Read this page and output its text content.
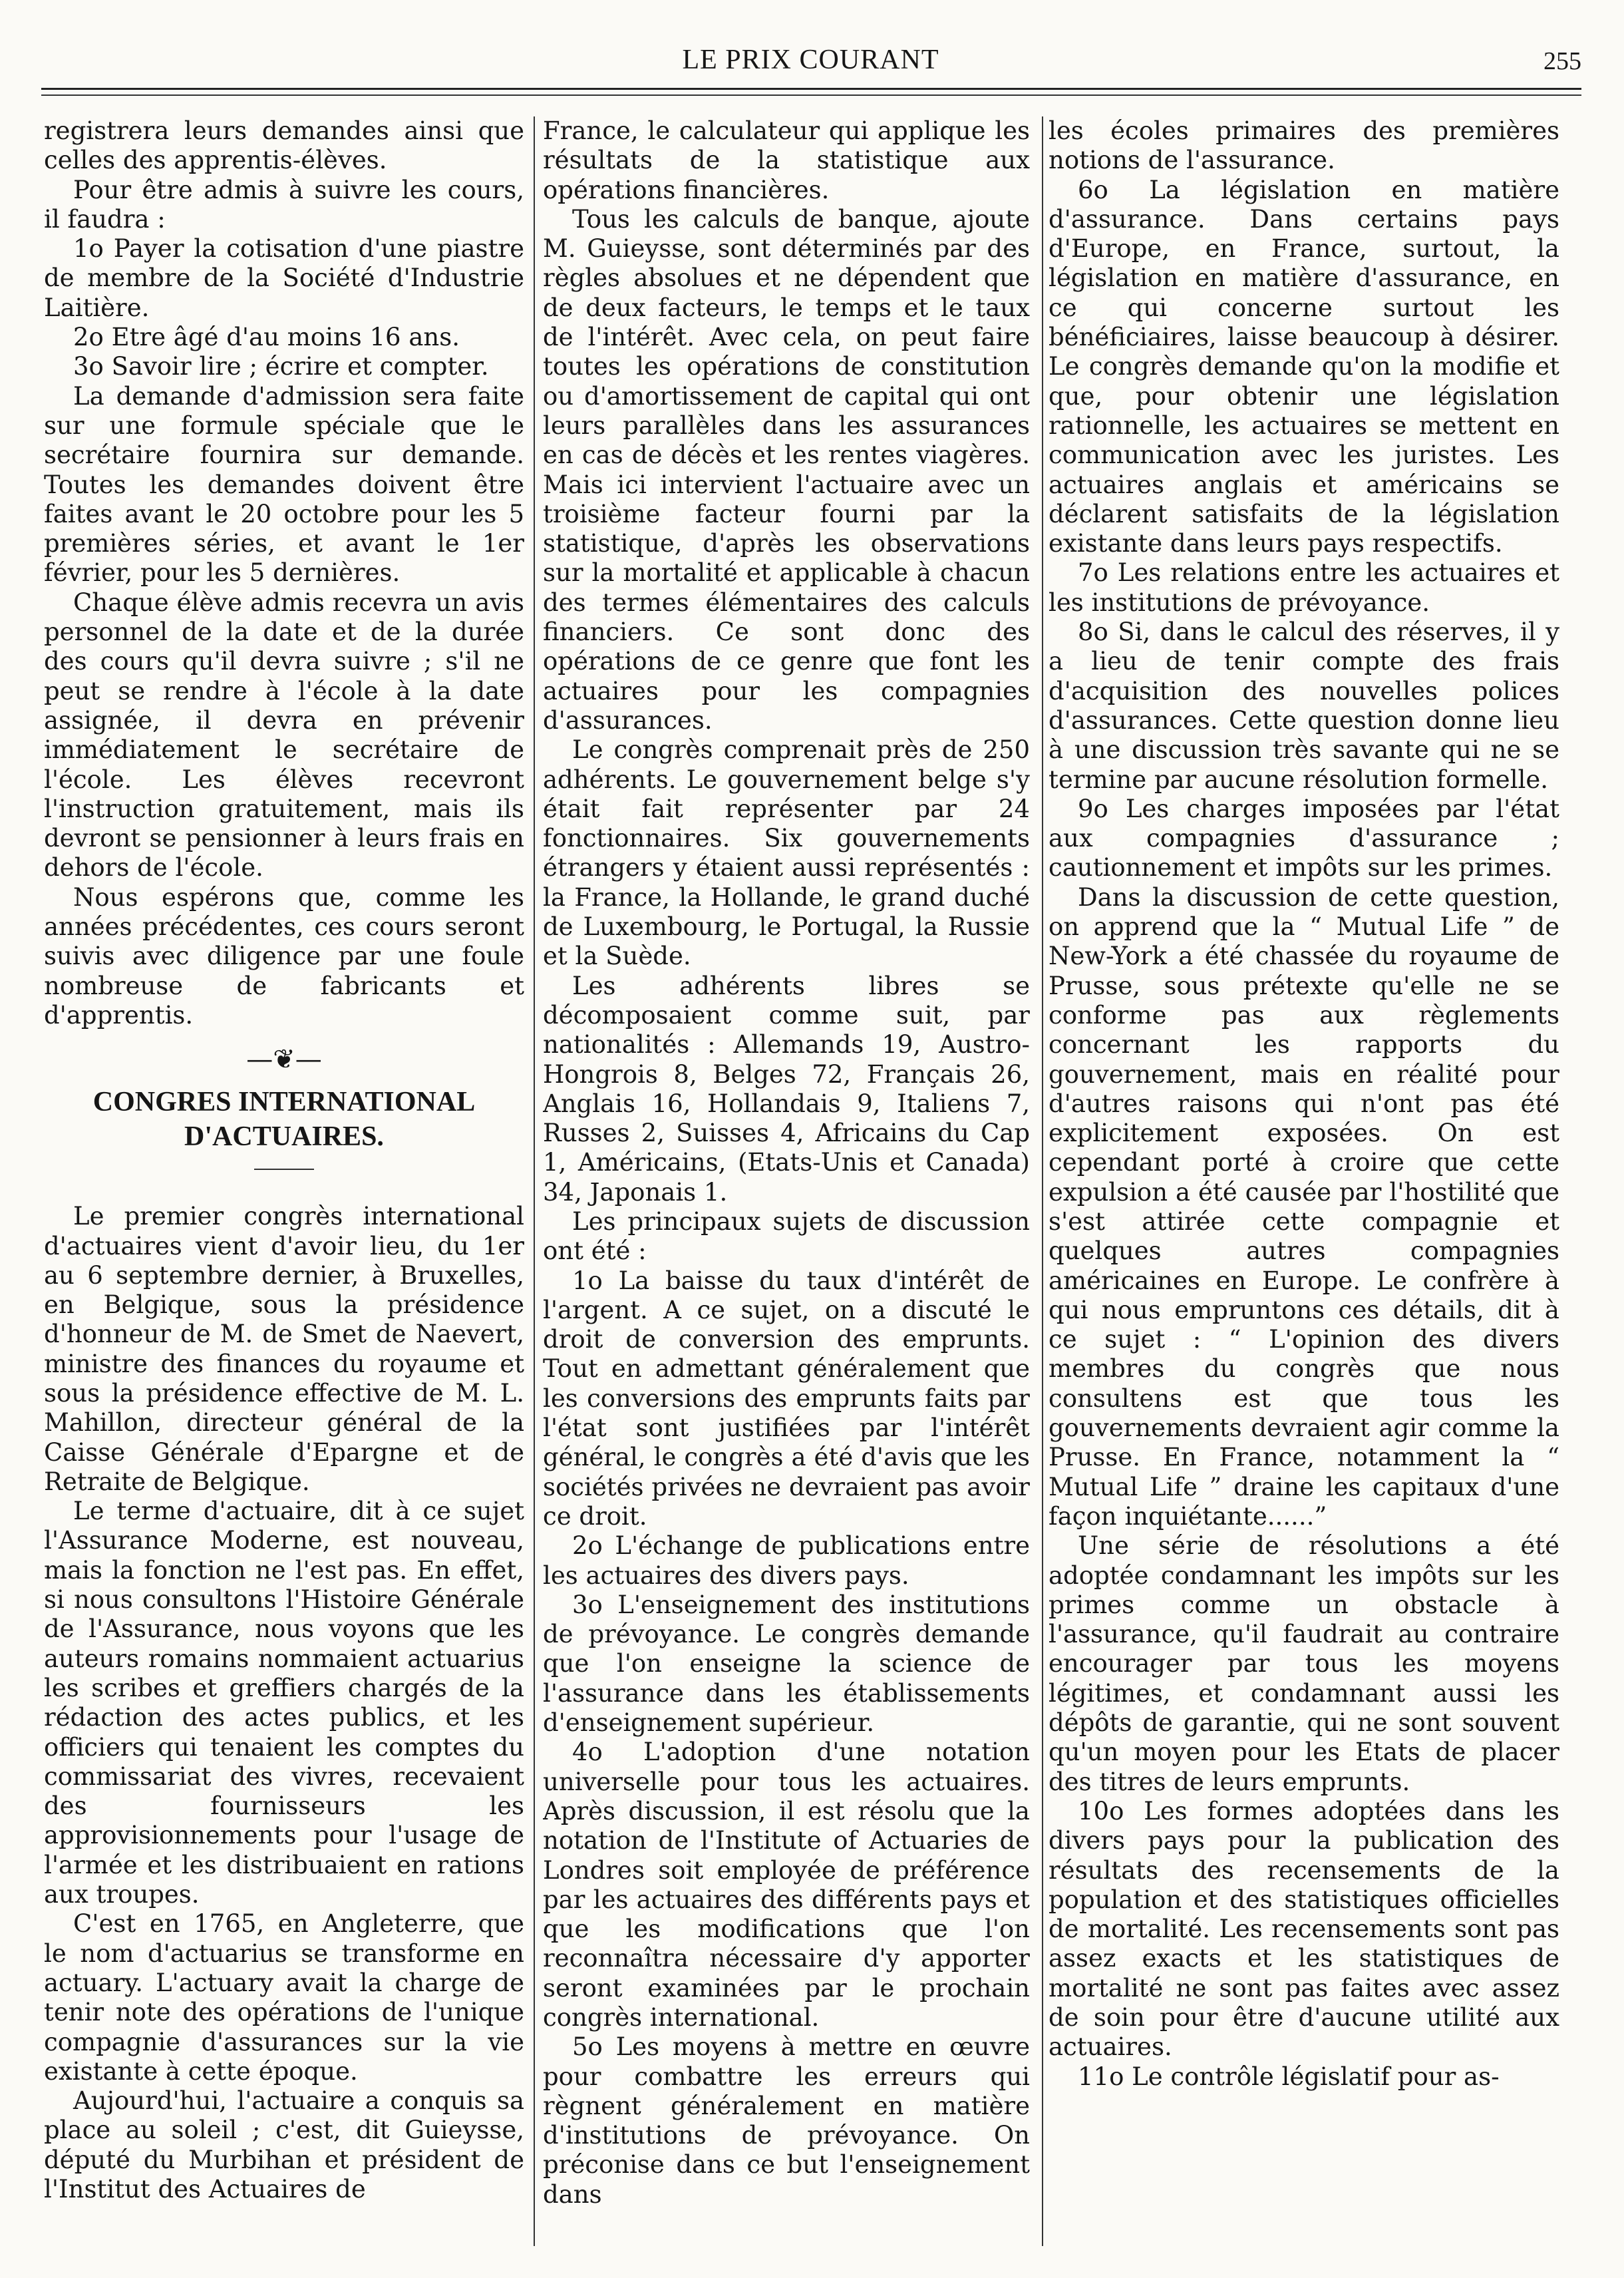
LE PRIX COURANT	255

registrera leurs demandes ainsi que celles des apprentis-élèves.

Pour être admis à suivre les cours, il faudra :

1o Payer la cotisation d'une piastre de membre de la Société d'Industrie Laitière.

2o Etre âgé d'au moins 16 ans.

3o Savoir lire ; écrire et compter.

La demande d'admission sera faite sur une formule spéciale que le secrétaire fournira sur demande. Toutes les demandes doivent être faites avant le 20 octobre pour les 5 premières séries, et avant le 1er février, pour les 5 dernières.

Chaque élève admis recevra un avis personnel de la date et de la durée des cours qu'il devra suivre ; s'il ne peut se rendre à l'école à la date assignée, il devra en prévenir immédiatement le secrétaire de l'école. Les élèves recevront l'instruction gratuitement, mais ils devront se pensionner à leurs frais en dehors de l'école.

Nous espérons que, comme les années précédentes, ces cours seront suivis avec diligence par une foule nombreuse de fabricants et d'apprentis.

—❦—
CONGRES INTERNATIONAL
D'ACTUAIRES.

Le premier congrès international d'actuaires vient d'avoir lieu, du 1er au 6 septembre dernier, à Bruxelles, en Belgique, sous la présidence d'honneur de M. de Smet de Naevert, ministre des finances du royaume et sous la présidence effective de M. L. Mahillon, directeur général de la Caisse Générale d'Epargne et de Retraite de Belgique.

Le terme d'actuaire, dit à ce sujet l'Assurance Moderne, est nouveau, mais la fonction ne l'est pas. En effet, si nous consultons l'Histoire Générale de l'Assurance, nous voyons que les auteurs romains nommaient actuarius les scribes et greffiers chargés de la rédaction des actes publics, et les officiers qui tenaient les comptes du commissariat des vivres, recevaient des fournisseurs les approvisionnements pour l'usage de l'armée et les distribuaient en rations aux troupes.

C'est en 1765, en Angleterre, que le nom d'actuarius se transforme en actuary. L'actuary avait la charge de tenir note des opérations de l'unique compagnie d'assurances sur la vie existante à cette époque.

Aujourd'hui, l'actuaire a conquis sa place au soleil ; c'est, dit Guieysse, député du Murbihan et président de l'Institut des Actuaires de

France, le calculateur qui applique les résultats de la statistique aux opérations financières.

Tous les calculs de banque, ajoute M. Guieysse, sont déterminés par des règles absolues et ne dépendent que de deux facteurs, le temps et le taux de l'intérêt. Avec cela, on peut faire toutes les opérations de constitution ou d'amortissement de capital qui ont leurs parallèles dans les assurances en cas de décès et les rentes viagères. Mais ici intervient l'actuaire avec un troisième facteur fourni par la statistique, d'après les observations sur la mortalité et applicable à chacun des termes élémentaires des calculs financiers. Ce sont donc des opérations de ce genre que font les actuaires pour les compagnies d'assurances.

Le congrès comprenait près de 250 adhérents. Le gouvernement belge s'y était fait représenter par 24 fonctionnaires. Six gouvernements étrangers y étaient aussi représentés : la France, la Hollande, le grand duché de Luxembourg, le Portugal, la Russie et la Suède.

Les adhérents libres se décomposaient comme suit, par nationalités : Allemands 19, Austro-Hongrois 8, Belges 72, Français 26, Anglais 16, Hollandais 9, Italiens 7, Russes 2, Suisses 4, Africains du Cap 1, Américains, (Etats-Unis et Canada) 34, Japonais 1.

Les principaux sujets de discussion ont été :

1o La baisse du taux d'intérêt de l'argent. A ce sujet, on a discuté le droit de conversion des emprunts. Tout en admettant généralement que les conversions des emprunts faits par l'état sont justifiées par l'intérêt général, le congrès a été d'avis que les sociétés privées ne devraient pas avoir ce droit.

2o L'échange de publications entre les actuaires des divers pays.

3o L'enseignement des institutions de prévoyance. Le congrès demande que l'on enseigne la science de l'assurance dans les établissements d'enseignement supérieur.

4o L'adoption d'une notation universelle pour tous les actuaires. Après discussion, il est résolu que la notation de l'Institute of Actuaries de Londres soit employée de préférence par les actuaires des différents pays et que les modifications que l'on reconnaîtra nécessaire d'y apporter seront examinées par le prochain congrès international.

5o Les moyens à mettre en œuvre pour combattre les erreurs qui règnent généralement en matière d'institutions de prévoyance. On préconise dans ce but l'enseignement dans

les écoles primaires des premières notions de l'assurance.

6o La législation en matière d'assurance. Dans certains pays d'Europe, en France, surtout, la législation en matière d'assurance, en ce qui concerne surtout les bénéficiaires, laisse beaucoup à désirer. Le congrès demande qu'on la modifie et que, pour obtenir une législation rationnelle, les actuaires se mettent en communication avec les juristes. Les actuaires anglais et américains se déclarent satisfaits de la législation existante dans leurs pays respectifs.

7o Les relations entre les actuaires et les institutions de prévoyance.

8o Si, dans le calcul des réserves, il y a lieu de tenir compte des frais d'acquisition des nouvelles polices d'assurances. Cette question donne lieu à une discussion très savante qui ne se termine par aucune résolution formelle.

9o Les charges imposées par l'état aux compagnies d'assurance ; cautionnement et impôts sur les primes.

Dans la discussion de cette question, on apprend que la “ Mutual Life ” de New-York a été chassée du royaume de Prusse, sous prétexte qu'elle ne se conforme pas aux règlements concernant les rapports du gouvernement, mais en réalité pour d'autres raisons qui n'ont pas été explicitement exposées. On est cependant porté à croire que cette expulsion a été causée par l'hostilité que s'est attirée cette compagnie et quelques autres compagnies américaines en Europe. Le confrère à qui nous empruntons ces détails, dit à ce sujet : “ L'opinion des divers membres du congrès que nous consultens est que tous les gouvernements devraient agir comme la Prusse. En France, notamment la “ Mutual Life ” draine les capitaux d'une façon inquiétante......”

Une série de résolutions a été adoptée condamnant les impôts sur les primes comme un obstacle à l'assurance, qu'il faudrait au contraire encourager par tous les moyens légitimes, et condamnant aussi les dépôts de garantie, qui ne sont souvent qu'un moyen pour les Etats de placer des titres de leurs emprunts.

10o Les formes adoptées dans les divers pays pour la publication des résultats des recensements de la population et des statistiques officielles de mortalité. Les recensements sont pas assez exacts et les statistiques de mortalité ne sont pas faites avec assez de soin pour être d'aucune utilité aux actuaires.

11o Le contrôle législatif pour as-
